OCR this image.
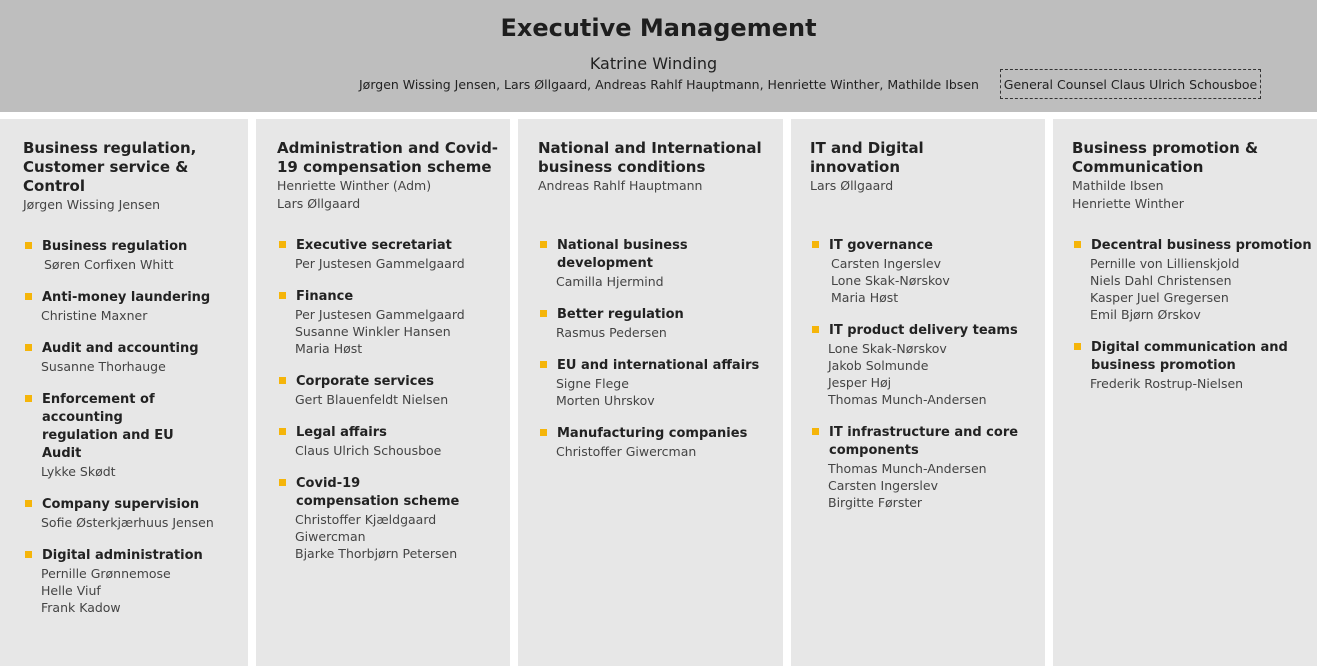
Executive Management
Katrine Winding
Jørgen Wissing Jensen, Lars Øllgaard, Andreas Rahlf Hauptmann, Henriette Winther, Mathilde Ibsen	General Counsel Claus Ulrich Schousboe
Business regulation, Customer service & Control
Jørgen Wissing Jensen
Business regulation
Søren Corfixen Whitt
Anti-money laundering
Christine Maxner
Audit and accounting
Susanne Thorhauge
Enforcement of accounting regulation and EU Audit
Lykke Skødt
Company supervision
Sofie Østerkjærhuus Jensen
Digital administration
Pernille Grønnemose
Helle Viuf
Frank Kadow
Administration and Covid-19 compensation scheme
Henriette Winther (Adm)
Lars Øllgaard
Executive secretariat
Per Justesen Gammelgaard
Finance
Per Justesen Gammelgaard
Susanne Winkler Hansen
Maria Høst
Corporate services
Gert Blauenfeldt Nielsen
Legal affairs
Claus Ulrich Schousboe
Covid-19 compensation scheme
Christoffer Kjældgaard Giwercman
Bjarke Thorbjørn Petersen
National and International business conditions
Andreas Rahlf Hauptmann
National business development
Camilla Hjermind
Better regulation
Rasmus Pedersen
EU and international affairs
Signe Flege
Morten Uhrskov
Manufacturing companies
Christoffer Giwercman
IT and Digital innovation
Lars Øllgaard
IT governance
Carsten Ingerslev
Lone Skak-Nørskov
Maria Høst
IT product delivery teams
Lone Skak-Nørskov
Jakob Solmunde
Jesper Høj
Thomas Munch-Andersen
IT infrastructure and core components
Thomas Munch-Andersen
Carsten Ingerslev
Birgitte Førster
Business promotion & Communication
Mathilde Ibsen
Henriette Winther
Decentral business promotion
Pernille von Lillienskjold
Niels Dahl Christensen
Kasper Juel Gregersen
Emil Bjørn Ørskov
Digital communication and business promotion
Frederik Rostrup-Nielsen
